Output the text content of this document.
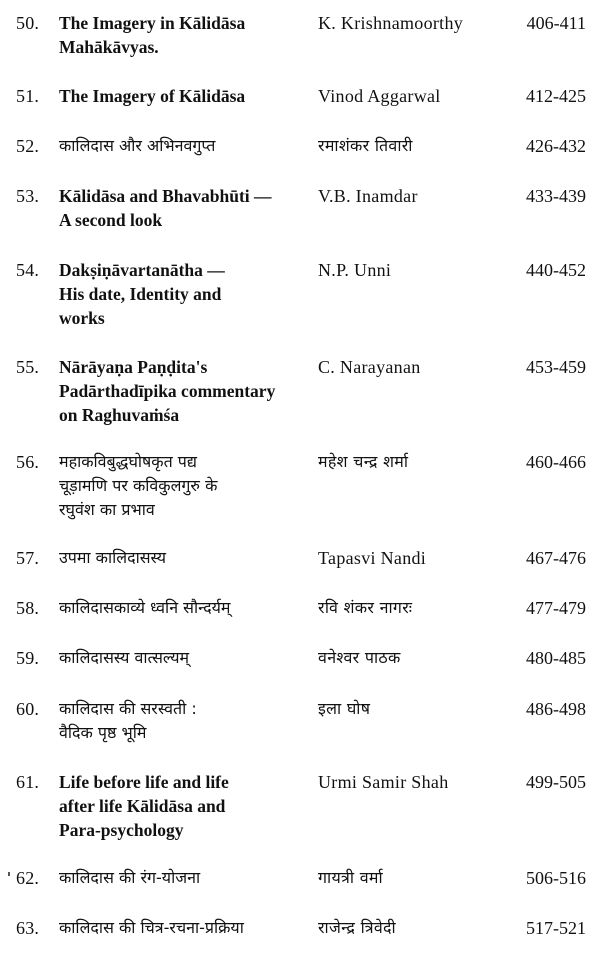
50.	The Imagery in Kālidāsa
Mahākāvyas.
K. Krishnamoorthy	406-411
51.	The Imagery of Kālidāsa	Vinod Aggarwal	412-425
52.	कालिदास और अभिनवगुप्त	रमाशंकर तिवारी	426-432
53.	Kālidāsa and Bhavabhūti —
A second look
V.B. Inamdar	433-439
54.	Dakṣiṇāvartanātha —
His date, Identity and
works
N.P. Unni	440-452
55.	Nārāyaṇa Paṇḍita's
Padārthadīpika commentary
on Raghuvaṁśa
C. Narayanan	453-459
56.	महाकविबुद्धघोषकृत पद्य
चूड़ामणि पर कविकुलगुरु के
रघुवंश का प्रभाव
महेश चन्द्र शर्मा	460-466
57.	उपमा कालिदासस्य	Tapasvi Nandi	467-476
58.	कालिदासकाव्ये ध्वनि सौन्दर्यम्	रवि शंकर नागरः	477-479
59.	कालिदासस्य वात्सल्यम्	वनेश्वर पाठक	480-485
60.	कालिदास की सरस्वती :
वैदिक पृष्ठ भूमि
इला घोष	486-498
61.	Life before life and life
after life Kālidāsa and
Para-psychology
Urmi Samir Shah	499-505
62.	कालिदास की रंग-योजना	गायत्री वर्मा	506-516
63.	कालिदास की चित्र-रचना-प्रक्रिया	राजेन्द्र त्रिवेदी	517-521
